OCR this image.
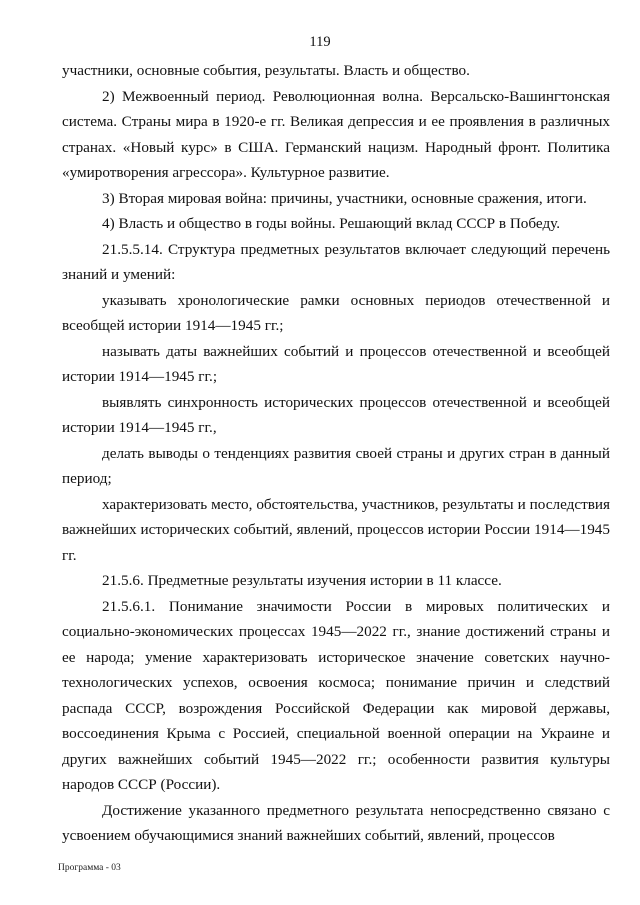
119

участники, основные события, результаты. Власть и общество.

2) Межвоенный период. Революционная волна. Версальско-Вашингтонская система. Страны мира в 1920-е гг. Великая депрессия и ее проявления в различных странах. «Новый курс» в США. Германский нацизм. Народный фронт. Политика «умиротворения агрессора». Культурное развитие.

3) Вторая мировая война: причины, участники, основные сражения, итоги.

4) Власть и общество в годы войны. Решающий вклад СССР в Победу.

21.5.5.14. Структура предметных результатов включает следующий перечень знаний и умений:

указывать хронологические рамки основных периодов отечественной и всеобщей истории 1914—1945 гг.;

называть даты важнейших событий и процессов отечественной и всеобщей истории 1914—1945 гг.;

выявлять синхронность исторических процессов отечественной и всеобщей истории 1914—1945 гг.,

делать выводы о тенденциях развития своей страны и других стран в данный период;

характеризовать место, обстоятельства, участников, результаты и последствия важнейших исторических событий, явлений, процессов истории России 1914—1945 гг.

21.5.6. Предметные результаты изучения истории в 11 классе.

21.5.6.1. Понимание значимости России в мировых политических и социально-экономических процессах 1945—2022 гг., знание достижений страны и ее народа; умение характеризовать историческое значение советских научно-технологических успехов, освоения космоса; понимание причин и следствий распада СССР, возрождения Российской Федерации как мировой державы, воссоединения Крыма с Россией, специальной военной операции на Украине и других важнейших событий 1945—2022 гг.; особенности развития культуры народов СССР (России).

Достижение указанного предметного результата непосредственно связано с усвоением обучающимися знаний важнейших событий, явлений, процессов

Программа - 03
